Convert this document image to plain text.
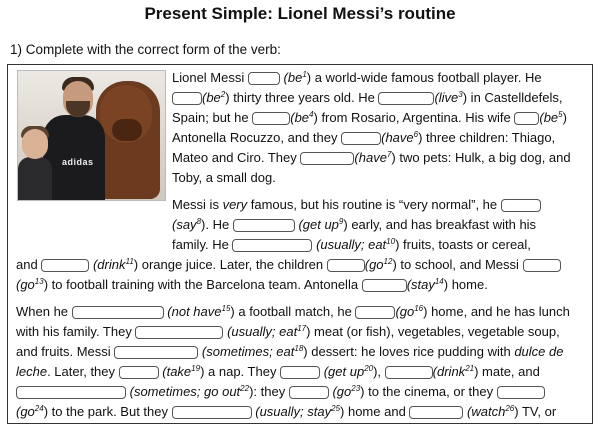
Present Simple: Lionel Messi’s routine
1) Complete with the correct form of the verb:
adidas
Lionel Messi	$(be^1)$ a world-wide famous football player. He
$(be^2)$ thirty three years old. He	(live$^3$) in Castelldefels,
Spain; but he	$(be^4)$ from Rosario, Argentina. His wife $(be^5)$
Antonella Rocuzzo, and they	(have$^6$) three children: Thiago,
Mateo and Ciro. They	(have$^7$) two pets: Hulk, a big dog, and
Toby, a small dog.
Messi is very famous, but his routine is “very normal”, he
(say$^8$). He	(get $up^9$) early, and has breakfast with his
family. He	(usually; eat$^{10}$) fruits, toasts or cereal,
and	(drink$^{11}$) orange juice. Later, the children	$(go^{12})$ to school, and Messi
$(go^{13})$ to football training with the Barcelona team. Antonella	(stay$^{14}$) home.
When he	(not have$^{15}$) a football match, he	$(go^{16})$ home, and he has lunch
with his family. They	(usually; eat$^{17}$) meat (or fish), vegetables, vegetable soup,
and fruits. Messi	(sometimes; eat$^{18}$) dessert: he loves rice pudding with dulce de
leche. Later, they	(take$^{19}$) a nap. They	(get $up^{20}$),	(drink$^{21}$) mate, and
(sometimes; go out$^{22}$): they	$(go^{23})$ to the cinema, or they
$(go^{24})$ to the park. But they	(usually; stay$^{25}$) home and	(watch$^{26}$) TV, or
